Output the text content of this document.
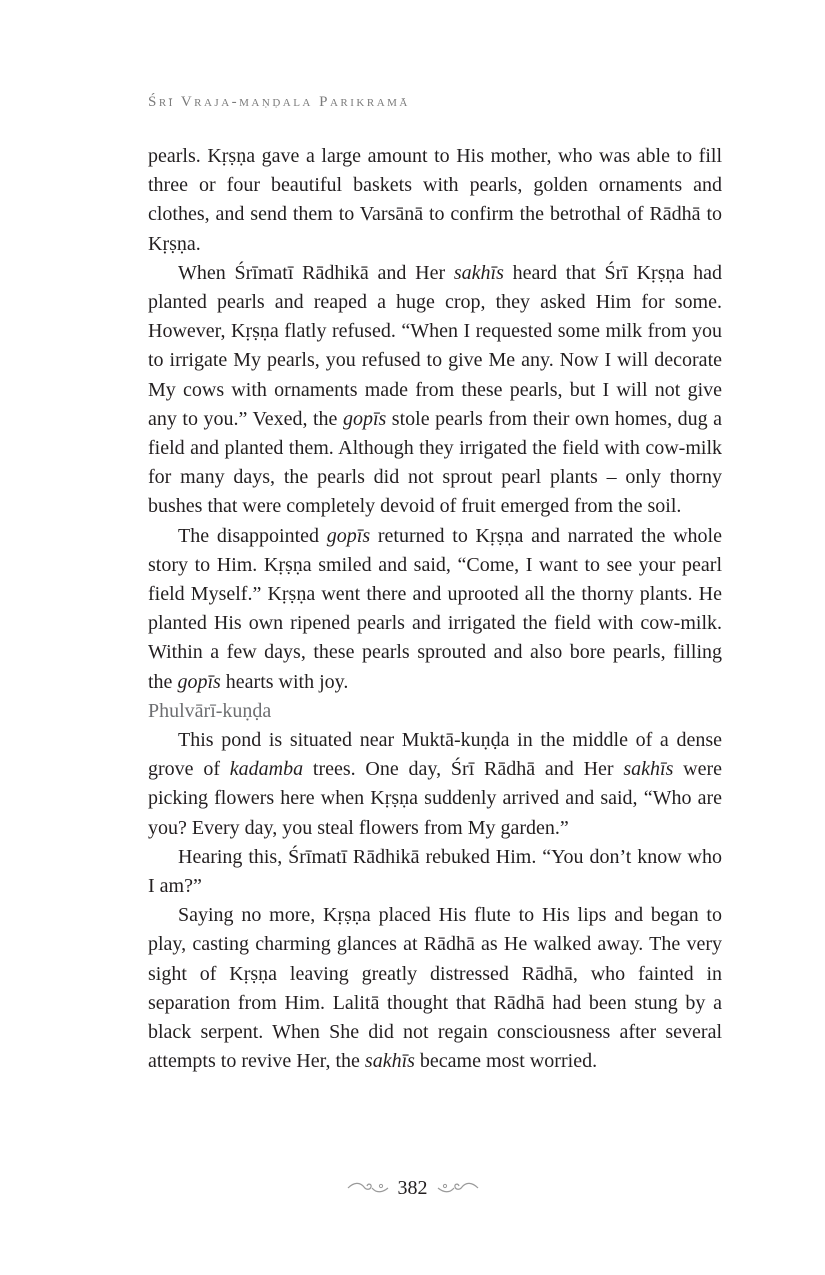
Śrī Vraja-maṇḍala Parikramā

pearls. Kṛṣṇa gave a large amount to His mother, who was able to fill three or four beautiful baskets with pearls, golden ornaments and clothes, and send them to Varsānā to confirm the betrothal of Rādhā to Kṛṣṇa.

When Śrīmatī Rādhikā and Her sakhīs heard that Śrī Kṛṣṇa had planted pearls and reaped a huge crop, they asked Him for some. However, Kṛṣṇa flatly refused. “When I requested some milk from you to irrigate My pearls, you refused to give Me any. Now I will decorate My cows with ornaments made from these pearls, but I will not give any to you.” Vexed, the gopīs stole pearls from their own homes, dug a field and planted them. Although they irrigated the field with cow-milk for many days, the pearls did not sprout pearl plants – only thorny bushes that were completely devoid of fruit emerged from the soil.

The disappointed gopīs returned to Kṛṣṇa and narrated the whole story to Him. Kṛṣṇa smiled and said, “Come, I want to see your pearl field Myself.” Kṛṣṇa went there and uprooted all the thorny plants. He planted His own ripened pearls and irrigated the field with cow-milk. Within a few days, these pearls sprouted and also bore pearls, filling the gopīs hearts with joy.

Phulvārī-kuṇḍa

This pond is situated near Muktā-kuṇḍa in the middle of a dense grove of kadamba trees. One day, Śrī Rādhā and Her sakhīs were picking flowers here when Kṛṣṇa suddenly arrived and said, “Who are you? Every day, you steal flowers from My garden.”

Hearing this, Śrīmatī Rādhikā rebuked Him. “You don’t know who I am?”

Saying no more, Kṛṣṇa placed His flute to His lips and began to play, casting charming glances at Rādhā as He walked away. The very sight of Kṛṣṇa leaving greatly distressed Rādhā, who fainted in separation from Him. Lalitā thought that Rādhā had been stung by a black serpent. When She did not regain consciousness after several attempts to revive Her, the sakhīs became most worried.

382
